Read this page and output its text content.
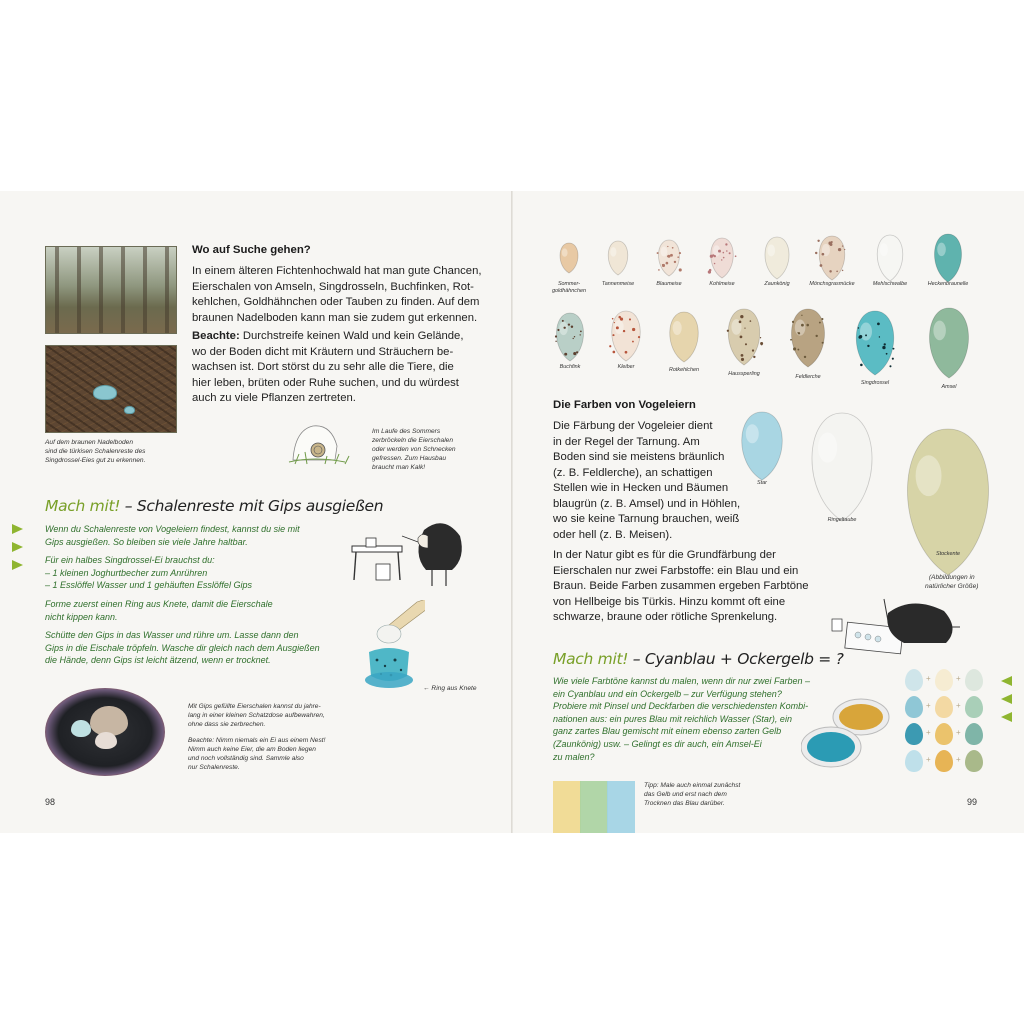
Auf dem braunen Nadelboden
sind die türkisen Schalenreste des
Singdrossel-Eies gut zu erkennen.
Wo auf Suche gehen?
In einem älteren Fichtenhochwald hat man gute Chancen,
Eierschalen von Amseln, Singdrosseln, Buchfinken, Rot-
kehlchen, Goldhähnchen oder Tauben zu finden. Auf dem
braunen Nadelboden kann man sie zudem gut erkennen.
Beachte: Durchstreife keinen Wald und kein Gelände,
wo der Boden dicht mit Kräutern und Sträuchern be-
wachsen ist. Dort störst du zu sehr alle die Tiere, die
hier leben, brüten oder Ruhe suchen, und du würdest
auch zu viele Pflanzen zertreten.
Im Laufe des Sommers
zerbröckeln die Eierschalen
oder werden von Schnecken
gefressen. Zum Hausbau
braucht man Kalk!
Mach mit! – Schalenreste mit Gips ausgießen
Wenn du Schalenreste von Vogeleiern findest, kannst du sie mit
Gips ausgießen. So bleiben sie viele Jahre haltbar.
Für ein halbes Singdrossel-Ei brauchst du:
– 1 kleinen Joghurtbecher zum Anrühren
– 1 Esslöffel Wasser und 1 gehäuften Esslöffel Gips
Forme zuerst einen Ring aus Knete, damit die Eierschale
nicht kippen kann.
Schütte den Gips in das Wasser und rühre um. Lasse dann den
Gips in die Eischale tröpfeln. Wasche dir gleich nach dem Ausgießen
die Hände, denn Gips ist leicht ätzend, wenn er trocknet.
← Ring aus Knete
Mit Gips gefüllte Eierschalen kannst du jahre-
lang in einer kleinen Schatzdose aufbewahren,
ohne dass sie zerbrechen.
Beachte: Nimm niemals ein Ei aus einem Nest!
Nimm auch keine Eier, die am Boden liegen
und noch vollständig sind. Sammle also
nur Schalenreste.
98
Sommer-
goldhähnchen
Tannenmeise	Blaumeise	Kohlmeise	Zaunkönig	Mönchsgrasmücke	Mehlschwalbe	Heckenbraunelle
Buchfink	Kleiber	Rotkehlchen
Haussperling	Feldlerche
Singdrossel
Amsel
Star
Ringeltaube
Stockente
Die Farben von Vogeleiern
Die Färbung der Vogeleier dient
in der Regel der Tarnung. Am
Boden sind sie meistens bräunlich
(z. B. Feldlerche), an schattigen
Stellen wie in Hecken und Bäumen
blaugrün (z. B. Amsel) und in Höhlen,
wo sie keine Tarnung brauchen, weiß
oder hell (z. B. Meisen).
In der Natur gibt es für die Grundfärbung der
Eierschalen nur zwei Farbstoffe: ein Blau und ein
Braun. Beide Farben zusammen ergeben Farbtöne
von Hellbeige bis Türkis. Hinzu kommt oft eine
schwarze, braune oder rötliche Sprenkelung.
(Abbildungen in
natürlicher Größe)
Mach mit! – Cyanblau + Ockergelb = ?
Wie viele Farbtöne kannst du malen, wenn dir nur zwei Farben –
ein Cyanblau und ein Ockergelb – zur Verfügung stehen?
Probiere mit Pinsel und Deckfarben die verschiedensten Kombi-
nationen aus: ein pures Blau mit reichlich Wasser (Star), ein
ganz zartes Blau gemischt mit einem ebenso zarten Gelb
(Zaunkönig) usw. – Gelingt es dir auch, ein Amsel-Ei
zu malen?
+	+
+	+
+	+
+	+
Tipp: Male auch einmal zunächst
das Gelb und erst nach dem
Trocknen das Blau darüber.	99
